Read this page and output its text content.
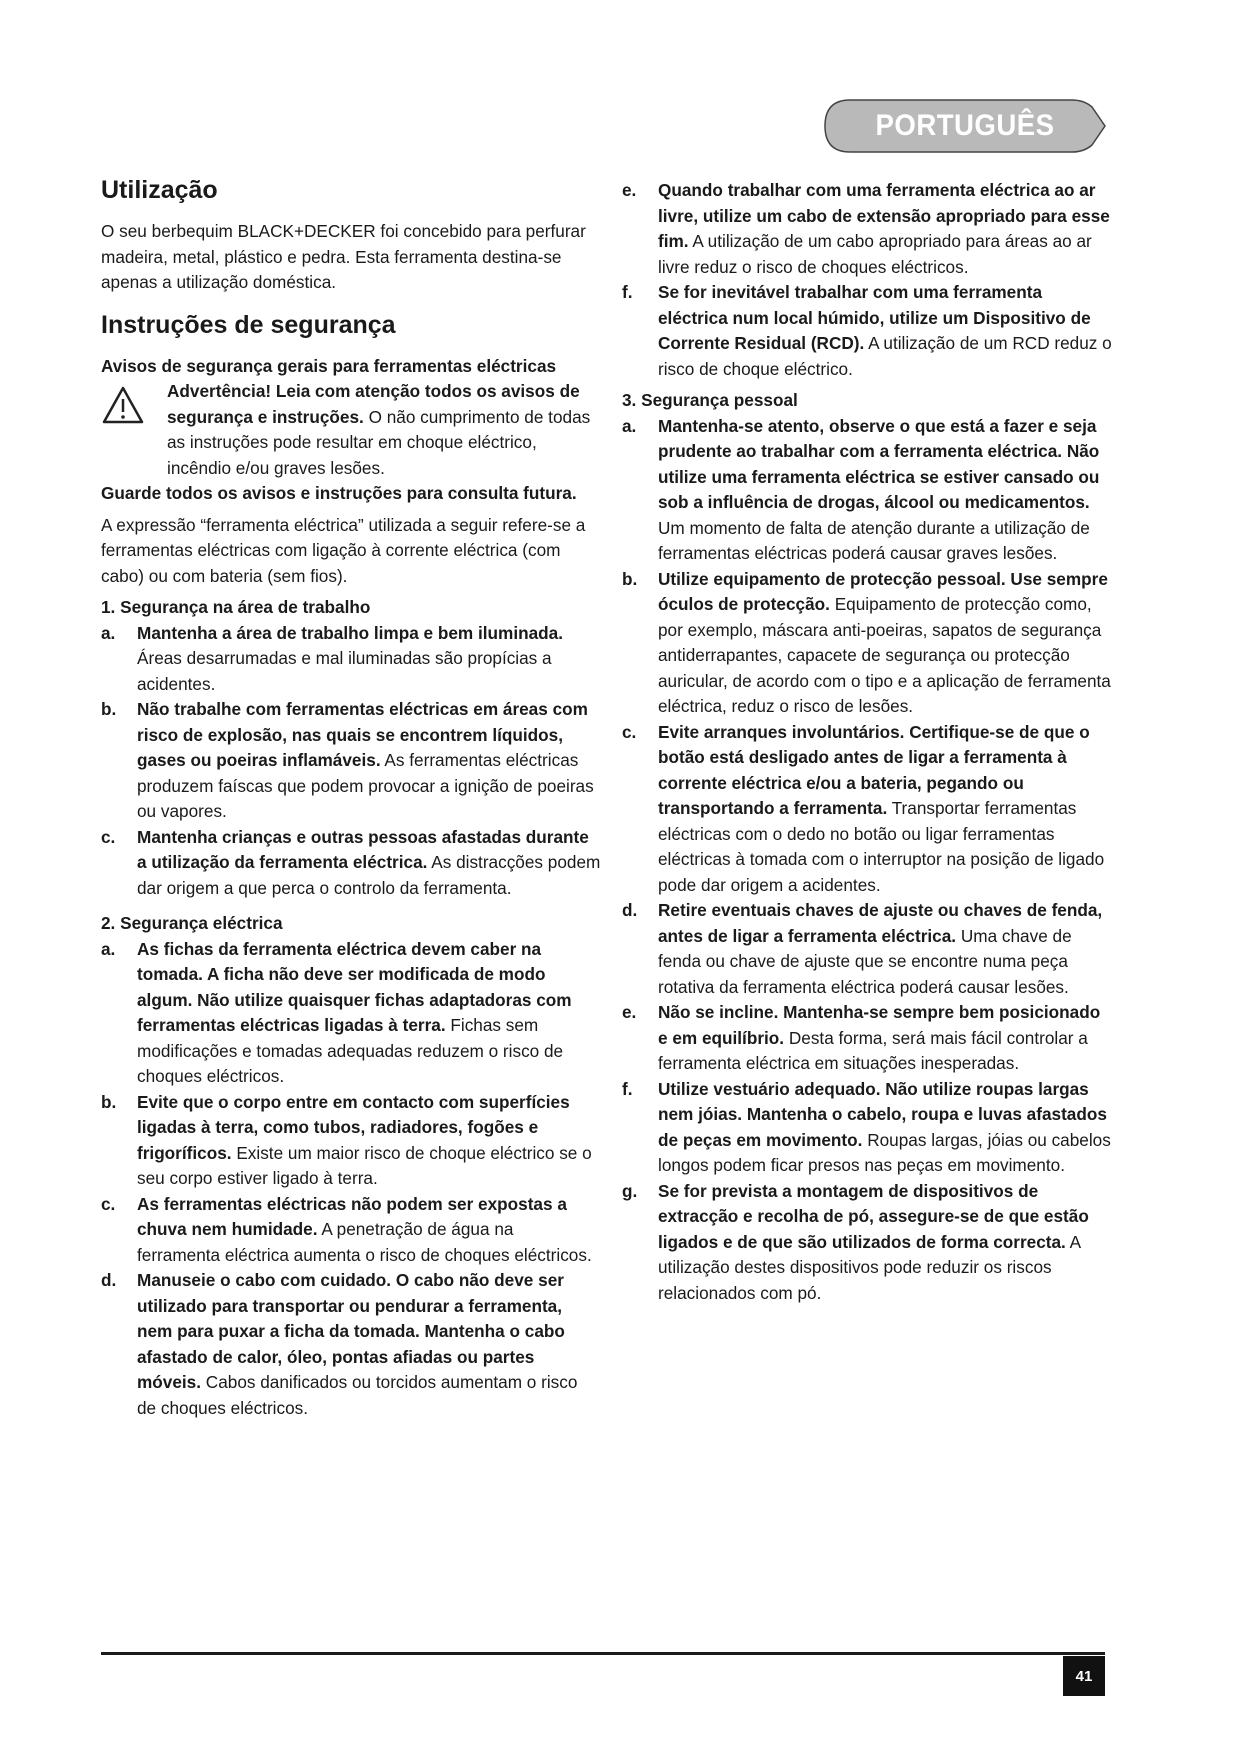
PORTUGUÊS
Utilização

O seu berbequim BLACK+DECKER foi concebido para perfurar madeira, metal, plástico e pedra. Esta ferramenta destina-se apenas a utilização doméstica.

Instruções de segurança

Avisos de segurança gerais para ferramentas eléctricas

Advertência! Leia com atenção todos os avisos de segurança e instruções. O não cumprimento de todas as instruções pode resultar em choque eléctrico, incêndio e/ou graves lesões.

Guarde todos os avisos e instruções para consulta futura.

A expressão “ferramenta eléctrica” utilizada a seguir refere-se a ferramentas eléctricas com ligação à corrente eléctrica (com cabo) ou com bateria (sem fios).

1. Segurança na área de trabalho

a. Mantenha a área de trabalho limpa e bem iluminada. Áreas desarrumadas e mal iluminadas são propícias a acidentes.
b. Não trabalhe com ferramentas eléctricas em áreas com risco de explosão, nas quais se encontrem líquidos, gases ou poeiras inflamáveis. As ferramentas eléctricas produzem faíscas que podem provocar a ignição de poeiras ou vapores.
c. Mantenha crianças e outras pessoas afastadas durante a utilização da ferramenta eléctrica. As distracções podem dar origem a que perca o controlo da ferramenta.

2. Segurança eléctrica

a. As fichas da ferramenta eléctrica devem caber na tomada. A ficha não deve ser modificada de modo algum. Não utilize quaisquer fichas adaptadoras com ferramentas eléctricas ligadas à terra. Fichas sem modificações e tomadas adequadas reduzem o risco de choques eléctricos.
b. Evite que o corpo entre em contacto com superfícies ligadas à terra, como tubos, radiadores, fogões e frigoríficos. Existe um maior risco de choque eléctrico se o seu corpo estiver ligado à terra.
c. As ferramentas eléctricas não podem ser expostas a chuva nem humidade. A penetração de água na ferramenta eléctrica aumenta o risco de choques eléctricos.
d. Manuseie o cabo com cuidado. O cabo não deve ser utilizado para transportar ou pendurar a ferramenta, nem para puxar a ficha da tomada. Mantenha o cabo afastado de calor, óleo, pontas afiadas ou partes móveis. Cabos danificados ou torcidos aumentam o risco de choques eléctricos.
e. Quando trabalhar com uma ferramenta eléctrica ao ar livre, utilize um cabo de extensão apropriado para esse fim. A utilização de um cabo apropriado para áreas ao ar livre reduz o risco de choques eléctricos.
f. Se for inevitável trabalhar com uma ferramenta eléctrica num local húmido, utilize um Dispositivo de Corrente Residual (RCD). A utilização de um RCD reduz o risco de choque eléctrico.

3. Segurança pessoal

a. Mantenha-se atento, observe o que está a fazer e seja prudente ao trabalhar com a ferramenta eléctrica. Não utilize uma ferramenta eléctrica se estiver cansado ou sob a influência de drogas, álcool ou medicamentos. Um momento de falta de atenção durante a utilização de ferramentas eléctricas poderá causar graves lesões.
b. Utilize equipamento de protecção pessoal. Use sempre óculos de protecção. Equipamento de protecção como, por exemplo, máscara anti-poeiras, sapatos de segurança antiderrapantes, capacete de segurança ou protecção auricular, de acordo com o tipo e a aplicação de ferramenta eléctrica, reduz o risco de lesões.
c. Evite arranques involuntários. Certifique-se de que o botão está desligado antes de ligar a ferramenta à corrente eléctrica e/ou a bateria, pegando ou transportando a ferramenta. Transportar ferramentas eléctricas com o dedo no botão ou ligar ferramentas eléctricas à tomada com o interruptor na posição de ligado pode dar origem a acidentes.
d. Retire eventuais chaves de ajuste ou chaves de fenda, antes de ligar a ferramenta eléctrica. Uma chave de fenda ou chave de ajuste que se encontre numa peça rotativa da ferramenta eléctrica poderá causar lesões.
e. Não se incline. Mantenha-se sempre bem posicionado e em equilíbrio. Desta forma, será mais fácil controlar a ferramenta eléctrica em situações inesperadas.
f. Utilize vestuário adequado. Não utilize roupas largas nem jóias. Mantenha o cabelo, roupa e luvas afastados de peças em movimento. Roupas largas, jóias ou cabelos longos podem ficar presos nas peças em movimento.
g. Se for prevista a montagem de dispositivos de extracção e recolha de pó, assegure-se de que estão ligados e de que são utilizados de forma correcta. A utilização destes dispositivos pode reduzir os riscos relacionados com pó.
41
